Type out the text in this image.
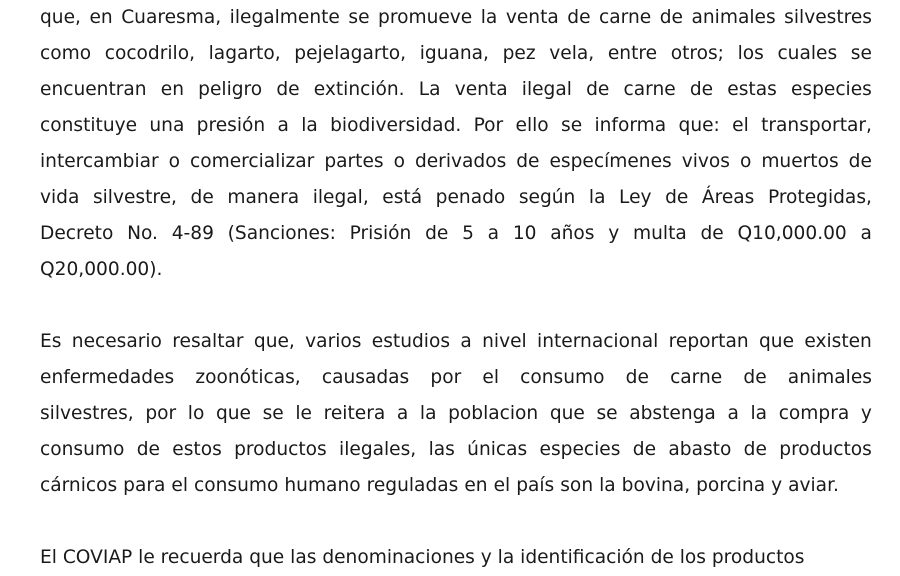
que, en Cuaresma, ilegalmente se promueve la venta de carne de animales silvestres
como cocodrilo, lagarto, pejelagarto, iguana, pez vela, entre otros; los cuales se
encuentran en peligro de extinción. La venta ilegal de carne de estas especies
constituye una presión a la biodiversidad. Por ello se informa que: el transportar,
intercambiar o comercializar partes o derivados de especímenes vivos o muertos de
vida silvestre, de manera ilegal, está penado según la Ley de Áreas Protegidas,
Decreto No. 4-89 (Sanciones: Prisión de 5 a 10 años y multa de Q10,000.00 a
Q20,000.00).
Es necesario resaltar que, varios estudios a nivel internacional reportan que existen
enfermedades zoonóticas, causadas por el consumo de carne de animales
silvestres, por lo que se le reitera a la poblacion que se abstenga a la compra y
consumo de estos productos ilegales, las únicas especies de abasto de productos
cárnicos para el consumo humano reguladas en el país son la bovina, porcina y aviar.
El COVIAP le recuerda que las denominaciones y la identificación de los productos
